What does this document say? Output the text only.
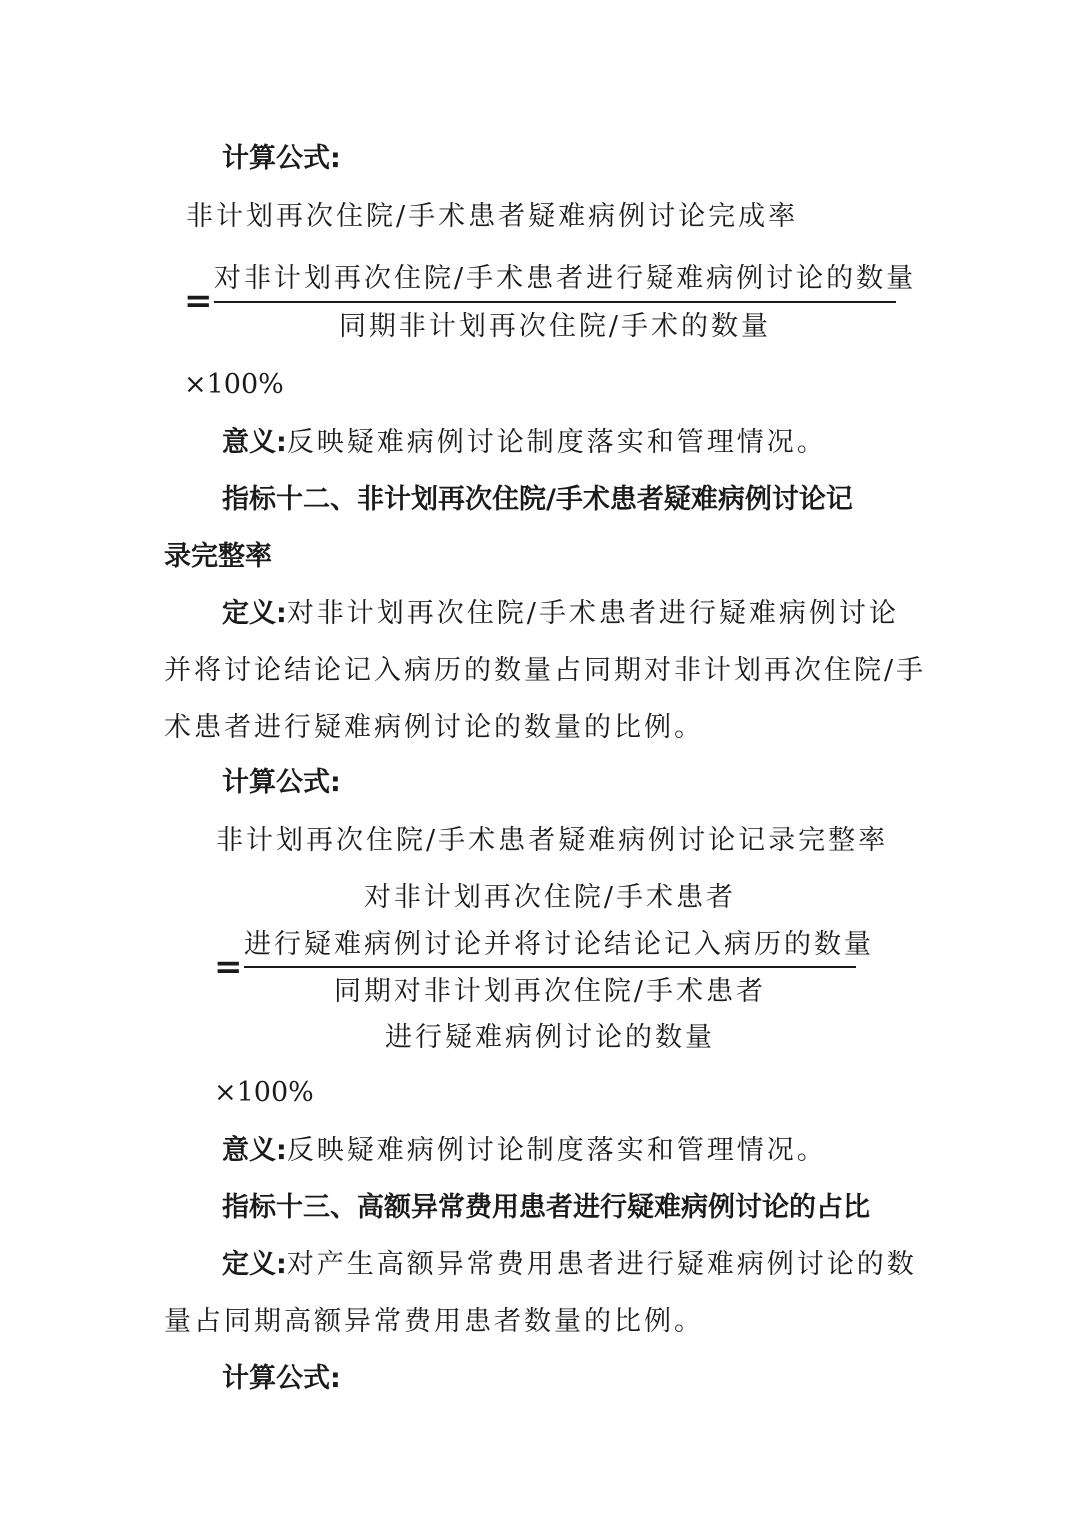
计算公式:
非计划再次住院/手术患者疑难病例讨论完成率
=
对非计划再次住院/手术患者进行疑难病例讨论的数量
同期非计划再次住院/手术的数量
×100%
意义:反映疑难病例讨论制度落实和管理情况。
指标十二、非计划再次住院/手术患者疑难病例讨论记
录完整率
定义:对非计划再次住院/手术患者进行疑难病例讨论
并将讨论结论记入病历的数量占同期对非计划再次住院/手
术患者进行疑难病例讨论的数量的比例。
计算公式:
非计划再次住院/手术患者疑难病例讨论记录完整率
对非计划再次住院/手术患者
=
进行疑难病例讨论并将讨论结论记入病历的数量
同期对非计划再次住院/手术患者
进行疑难病例讨论的数量
×100%
意义:反映疑难病例讨论制度落实和管理情况。
指标十三、高额异常费用患者进行疑难病例讨论的占比
定义:对产生高额异常费用患者进行疑难病例讨论的数
量占同期高额异常费用患者数量的比例。
计算公式:
